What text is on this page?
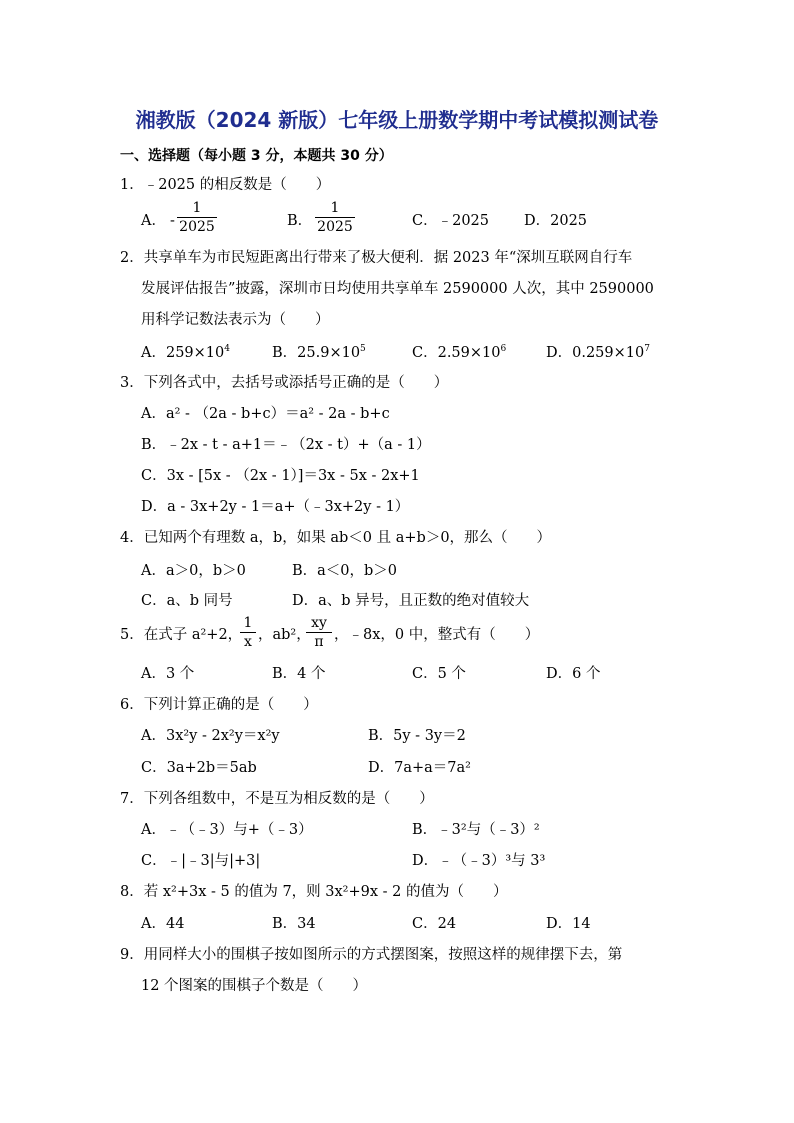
湘教版（2024 新版）七年级上册数学期中考试模拟测试卷
一、选择题（每小题 3 分，本题共 30 分）
1．﹣2025 的相反数是（　　）
A． - $\frac{1}{2025}$	B． $\frac{1}{2025}$	C．﹣2025 D．2025
2．共享单车为市民短距离出行带来了极大便利．据 2023 年“深圳互联网自行车
发展评估报告”披露，深圳市日均使用共享单车 2590000 人次，其中 2590000
用科学记数法表示为（　　）
A．$259\times 10^4$	B．$25.9\times 10^5$	C．$2.59\times 10^6$	D．$0.259\times 10^7$
3．下列各式中，去括号或添括号正确的是（　　）
A．a² - （2a - b+c）＝a² - 2a - b+c
B．﹣2x - t - a+1＝﹣（2x - t）+（a - 1）
C．3x - [5x - （2x - 1）]＝3x - 5x - 2x+1
D．a - 3x+2y - 1＝a+（﹣3x+2y - 1）
4．已知两个有理数 a，b，如果 ab＜0 且 a+b＞0，那么（　　）
A．a＞0，b＞0	B．a＜0，b＞0
C．a、b 同号	D．a、b 异号，且正数的绝对值较大
5．在式子 a²+2，
$\frac{1}{x}$ ，ab²，
$\frac{xy}{\pi}$ ，﹣8x，0 中，整式有（　　）
A．3 个	B．4 个	C．5 个	D．6 个
6．下列计算正确的是（　　）
A．3x²y - 2x²y＝x²y	B．5y - 3y＝2
C．3a+2b＝5ab	D．7a+a＝7a²
7．下列各组数中，不是互为相反数的是（　　）
A．﹣（﹣3）与+（﹣3）	B．﹣3²与（﹣3）²
C．﹣|﹣3|与|+3|	D．﹣（﹣3）³与 3³
8．若 x²+3x - 5 的值为 7，则 3x²+9x - 2 的值为（　　）
A．44	B．34	C．24	D．14
9．用同样大小的围棋子按如图所示的方式摆图案，按照这样的规律摆下去，第
12 个图案的围棋子个数是（　　）
